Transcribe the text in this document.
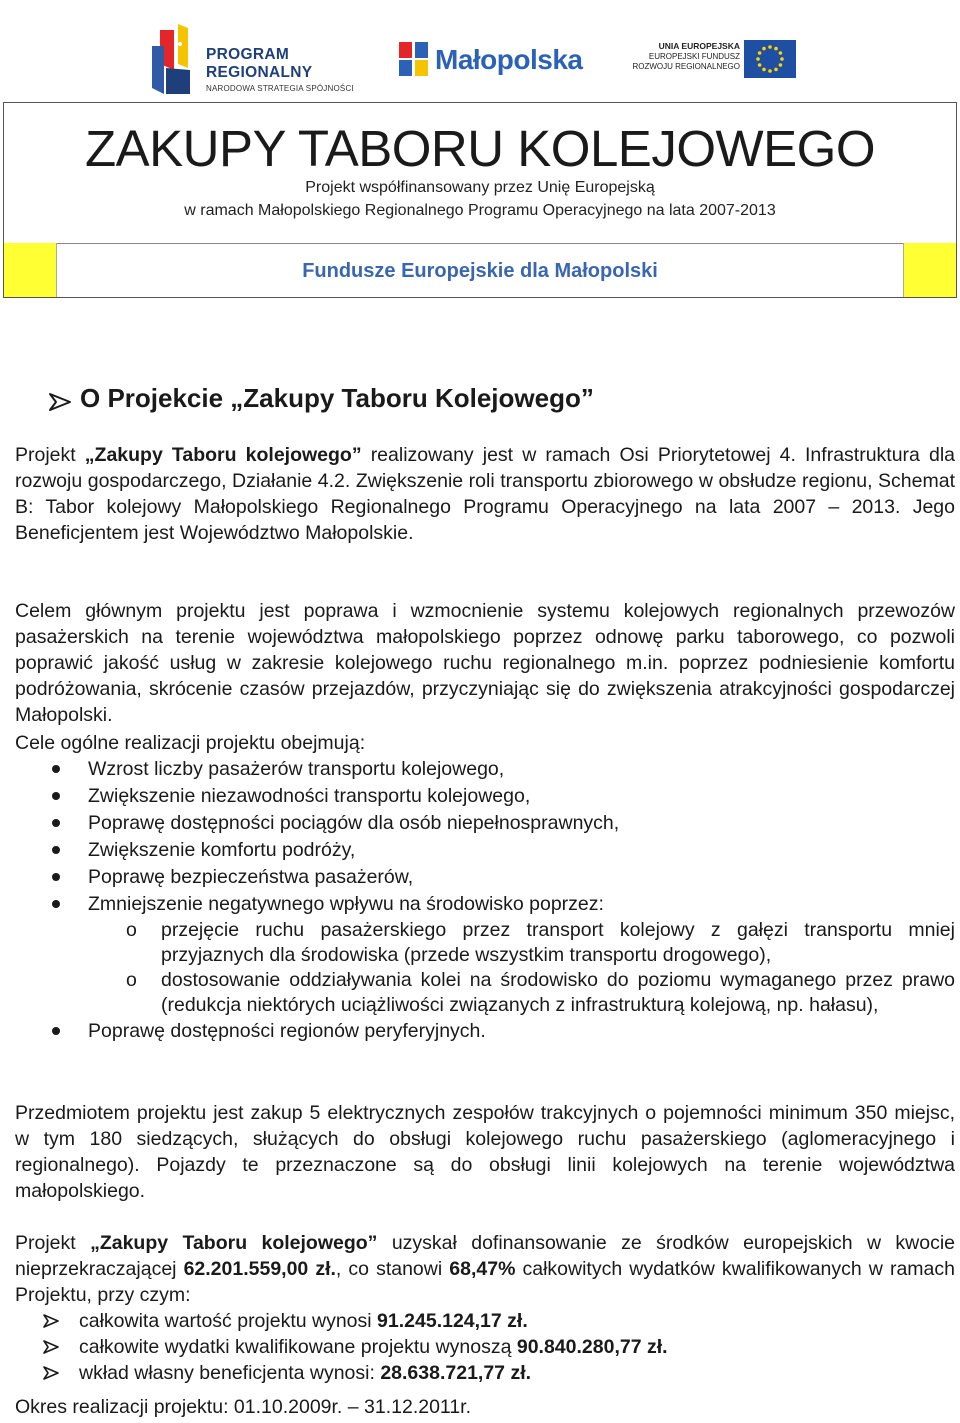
PROGRAM
REGIONALNY
NARODOWA STRATEGIA SPÓJNOŚCI
Małopolska	UNIA EUROPEJSKA
EUROPEJSKI FUNDUSZ
ROZWOJU REGIONALNEGO
ZAKUPY TABORU KOLEJOWEGO
Projekt współfinansowany przez Unię Europejską
w ramach Małopolskiego Regionalnego Programu Operacyjnego na lata 2007-2013
Fundusze Europejskie dla Małopolski
O Projekcie „Zakupy Taboru Kolejowego”
Projekt „Zakupy Taboru kolejowego” realizowany jest w ramach Osi Priorytetowej 4. Infrastruktura dla rozwoju gospodarczego, Działanie 4.2. Zwiększenie roli transportu zbiorowego w obsłudze regionu, Schemat B: Tabor kolejowy Małopolskiego Regionalnego Programu Operacyjnego na lata 2007 – 2013. Jego Beneficjentem jest Województwo Małopolskie.
Celem głównym projektu jest poprawa i wzmocnienie systemu kolejowych regionalnych przewozów pasażerskich na terenie województwa małopolskiego poprzez odnowę parku taborowego, co pozwoli poprawić jakość usług w zakresie kolejowego ruchu regionalnego m.in. poprzez podniesienie komfortu podróżowania, skrócenie czasów przejazdów, przyczyniając się do zwiększenia atrakcyjności gospodarczej Małopolski.
Cele ogólne realizacji projektu obejmują:
Wzrost liczby pasażerów transportu kolejowego,
Zwiększenie niezawodności transportu kolejowego,
Poprawę dostępności pociągów dla osób niepełnosprawnych,
Zwiększenie komfortu podróży,
Poprawę bezpieczeństwa pasażerów,
Zmniejszenie negatywnego wpływu na środowisko poprzez:
o przejęcie ruchu pasażerskiego przez transport kolejowy z gałęzi transportu mniej przyjaznych dla środowiska (przede wszystkim transportu drogowego),
o dostosowanie oddziaływania kolei na środowisko do poziomu wymaganego przez prawo (redukcja niektórych uciążliwości związanych z infrastrukturą kolejową, np. hałasu),
Poprawę dostępności regionów peryferyjnych.
Przedmiotem projektu jest zakup 5 elektrycznych zespołów trakcyjnych o pojemności minimum 350 miejsc, w tym 180 siedzących, służących do obsługi kolejowego ruchu pasażerskiego (aglomeracyjnego i regionalnego). Pojazdy te przeznaczone są do obsługi linii kolejowych na terenie województwa małopolskiego.
Projekt „Zakupy Taboru kolejowego” uzyskał dofinansowanie ze środków europejskich w kwocie nieprzekraczającej 62.201.559,00 zł., co stanowi 68,47% całkowitych wydatków kwalifikowanych w ramach Projektu, przy czym:
całkowita wartość projektu wynosi 91.245.124,17 zł.
całkowite wydatki kwalifikowane projektu wynoszą 90.840.280,77 zł.
wkład własny beneficjenta wynosi: 28.638.721,77 zł.
Okres realizacji projektu: 01.10.2009r. – 31.12.2011r.
